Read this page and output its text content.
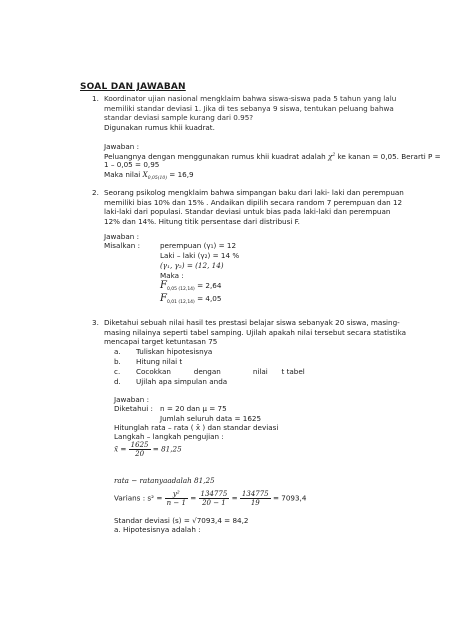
SOAL DAN JAWABAN
1. Koordinator ujian nasional mengklaim bahwa siswa-siswa pada 5 tahun yang lalu memiliki standar deviasi 1. Jika di tes sebanya 9 siswa, tentukan peluang bahwa standar deviasi sample kurang dari 0.95?
Digunakan rumus khii kuadrat.
Jawaban :
Peluangnya dengan menggunakan rumus khii kuadrat adalah $\chi^2$ ke kanan = 0,05. Berarti P =
1 – 0,05 = 0,95
Maka nilai $X_{0,05(10)} = 16,9$
2. Seorang psikolog mengklaim bahwa simpangan baku dari laki- laki dan perempuan memiliki bias 10% dan 15% . Andaikan dipilih secara random 7 perempuan dan 12 laki-laki dari populasi. Standar deviasi untuk bias pada laki-laki dan perempuan 12% dan 14%. Hitung titik persentase dari distribusi F.
Jawaban :
Misalkan :	perempuan (γ₁) = 12
Laki – laki (γ₂) = 14 %
(γ₁, γ₂) = (12, 14)
Maka :
$F_{0,05 (12,14)} = 2,64$
$F_{0,01 (12,14)} = 4,05$
3. Diketahui sebuah nilai hasil tes prestasi belajar siswa sebanyak 20 siswa, masing-masing nilainya seperti tabel samping. Ujilah apakah nilai tersebut secara statistika mencapai target ketuntasan 75
a. Tuliskan hipotesisnya
b. Hitung nilai t
c. Cocokkan          dengan              nilai      t tabel
d. Ujilah apa simpulan anda
Jawaban :
Diketahui : n = 20 dan μ = 75
Jumlah seluruh data = 1625
Hitunglah rata – rata ( x̄ ) dan standar deviasi
Langkah – langkah pengujian :
x̄ = $\frac{1625}{20} = 81,25$
rata − ratanyaadalah 81,25
Varians : $s^2 = \frac{\text{y²}}{n - 1} = \frac{134775}{20 - 1} = \frac{134775}{19} = 7093,4$
Standar deviasi (s) = √7093,4 = 84,2
a. Hipotesisnya adalah :
